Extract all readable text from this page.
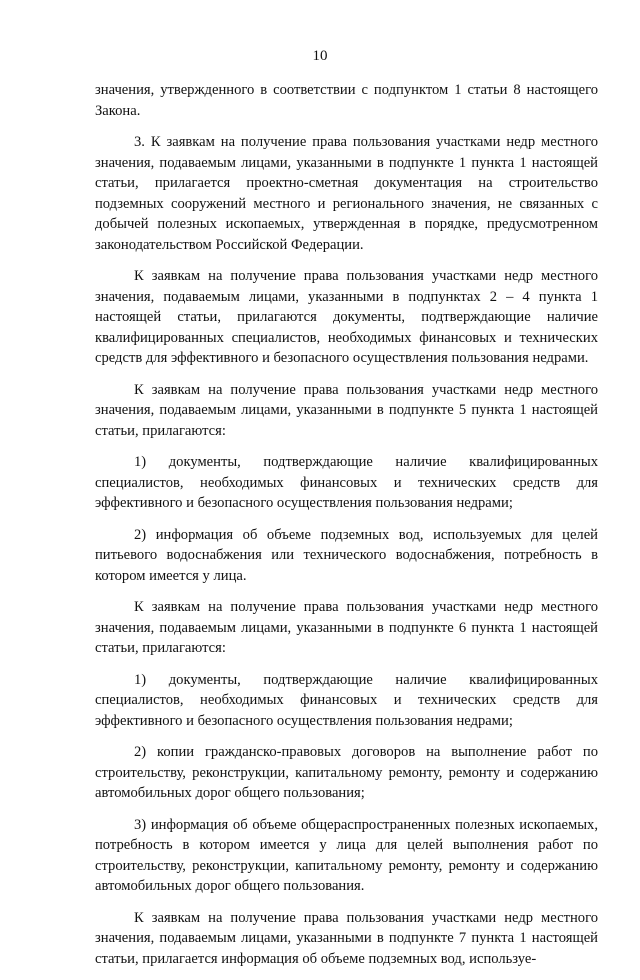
10

значения, утвержденного в соответствии с подпунктом 1 статьи 8 настоящего Закона.

3. К заявкам на получение права пользования участками недр местного значения, подаваемым лицами, указанными в подпункте 1 пункта 1 настоящей статьи, прилагается проектно-сметная документация на строительство подземных сооружений местного и регионального значения, не связанных с добычей полезных ископаемых, утвержденная в порядке, предусмотренном законодательством Российской Федерации.

К заявкам на получение права пользования участками недр местного значения, подаваемым лицами, указанными в подпунктах 2 – 4 пункта 1 настоящей статьи, прилагаются документы, подтверждающие наличие квалифицированных специалистов, необходимых финансовых и технических средств для эффективного и безопасного осуществления пользования недрами.

К заявкам на получение права пользования участками недр местного значения, подаваемым лицами, указанными в подпункте 5 пункта 1 настоящей статьи, прилагаются:

1) документы, подтверждающие наличие квалифицированных специалистов, необходимых финансовых и технических средств для эффективного и безопасного осуществления пользования недрами;

2) информация об объеме подземных вод, используемых для целей питьевого водоснабжения или технического водоснабжения, потребность в котором имеется у лица.

К заявкам на получение права пользования участками недр местного значения, подаваемым лицами, указанными в подпункте 6 пункта 1 настоящей статьи, прилагаются:

1) документы, подтверждающие наличие квалифицированных специалистов, необходимых финансовых и технических средств для эффективного и безопасного осуществления пользования недрами;

2) копии гражданско-правовых договоров на выполнение работ по строительству, реконструкции, капитальному ремонту, ремонту и содержанию автомобильных дорог общего пользования;

3) информация об объеме общераспространенных полезных ископаемых, потребность в котором имеется у лица для целей выполнения работ по строительству, реконструкции, капитальному ремонту, ремонту и содержанию автомобильных дорог общего пользования.

К заявкам на получение права пользования участками недр местного значения, подаваемым лицами, указанными в подпункте 7 пункта 1 настоящей статьи, прилагается информация об объеме подземных вод, используе-
